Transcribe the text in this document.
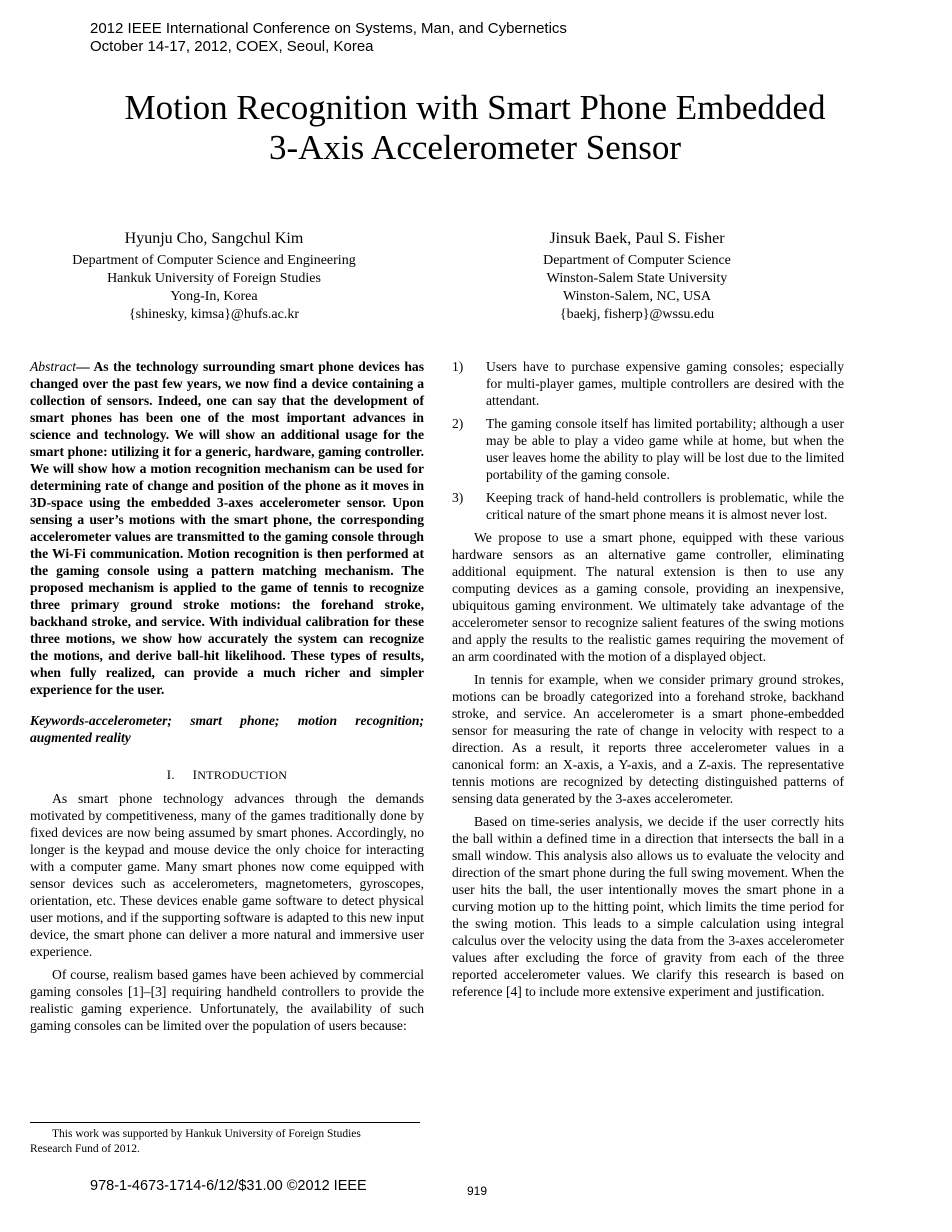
2012 IEEE International Conference on Systems, Man, and Cybernetics
October 14-17, 2012, COEX, Seoul, Korea
Motion Recognition with Smart Phone Embedded
3-Axis Accelerometer Sensor
Hyunju Cho, Sangchul Kim
Department of Computer Science and Engineering
Hankuk University of Foreign Studies
Yong-In, Korea
{shinesky, kimsa}@hufs.ac.kr
Jinsuk Baek, Paul S. Fisher
Department of Computer Science
Winston-Salem State University
Winston-Salem, NC, USA
{baekj, fisherp}@wssu.edu

Abstract— As the technology surrounding smart phone devices has changed over the past few years, we now find a device containing a collection of sensors. Indeed, one can say that the development of smart phones has been one of the most important advances in science and technology. We will show an additional usage for the smart phone: utilizing it for a generic, hardware, gaming controller. We will show how a motion recognition mechanism can be used for determining rate of change and position of the phone as it moves in 3D-space using the embedded 3-axes accelerometer sensor. Upon sensing a user’s motions with the smart phone, the corresponding accelerometer values are transmitted to the gaming console through the Wi-Fi communication. Motion recognition is then performed at the gaming console using a pattern matching mechanism. The proposed mechanism is applied to the game of tennis to recognize three primary ground stroke motions: the forehand stroke, backhand stroke, and service. With individual calibration for these three motions, we show how accurately the system can recognize the motions, and derive ball-hit likelihood. These types of results, when fully realized, can provide a much richer and simpler experience for the user.

Keywords-accelerometer; smart phone; motion recognition; augmented reality

I. INTRODUCTION

As smart phone technology advances through the demands motivated by competitiveness, many of the games traditionally done by fixed devices are now being assumed by smart phones. Accordingly, no longer is the keypad and mouse device the only choice for interacting with a computer game. Many smart phones now come equipped with sensor devices such as accelerometers, magnetometers, gyroscopes, orientation, etc. These devices enable game software to detect physical user motions, and if the supporting software is adapted to this new input device, the smart phone can deliver a more natural and immersive user experience.

Of course, realism based games have been achieved by commercial gaming consoles [1]–[3] requiring handheld controllers to provide the realistic gaming experience. Unfortunately, the availability of such gaming consoles can be limited over the population of users because:

1) Users have to purchase expensive gaming consoles; especially for multi-player games, multiple controllers are desired with the attendant.

2) The gaming console itself has limited portability; although a user may be able to play a video game while at home, but when the user leaves home the ability to play will be lost due to the limited portability of the gaming console.

3) Keeping track of hand-held controllers is problematic, while the critical nature of the smart phone means it is almost never lost.

We propose to use a smart phone, equipped with these various hardware sensors as an alternative game controller, eliminating additional equipment. The natural extension is then to use any computing devices as a gaming console, providing an inexpensive, ubiquitous gaming environment. We ultimately take advantage of the accelerometer sensor to recognize salient features of the swing motions and apply the results to the realistic games requiring the movement of an arm coordinated with the motion of a displayed object.

In tennis for example, when we consider primary ground strokes, motions can be broadly categorized into a forehand stroke, backhand stroke, and service. An accelerometer is a smart phone-embedded sensor for measuring the rate of change in velocity with respect to a direction. As a result, it reports three accelerometer values in a canonical form: an X-axis, a Y-axis, and a Z-axis. The representative tennis motions are recognized by detecting distinguished patterns of sensing data generated by the 3-axes accelerometer.

Based on time-series analysis, we decide if the user correctly hits the ball within a defined time in a direction that intersects the ball in a small window. This analysis also allows us to evaluate the velocity and direction of the smart phone during the full swing movement. When the user hits the ball, the user intentionally moves the smart phone in a curving motion up to the hitting point, which limits the time period for the swing motion. This leads to a simple calculation using integral calculus over the velocity using the data from the 3-axes accelerometer values after excluding the force of gravity from each of the three reported accelerometer values. We clarify this research is based on reference [4] to include more extensive experiment and justification.

This work was supported by Hankuk University of Foreign Studies
Research Fund of 2012.
978-1-4673-1714-6/12/$31.00 ©2012 IEEE	919
